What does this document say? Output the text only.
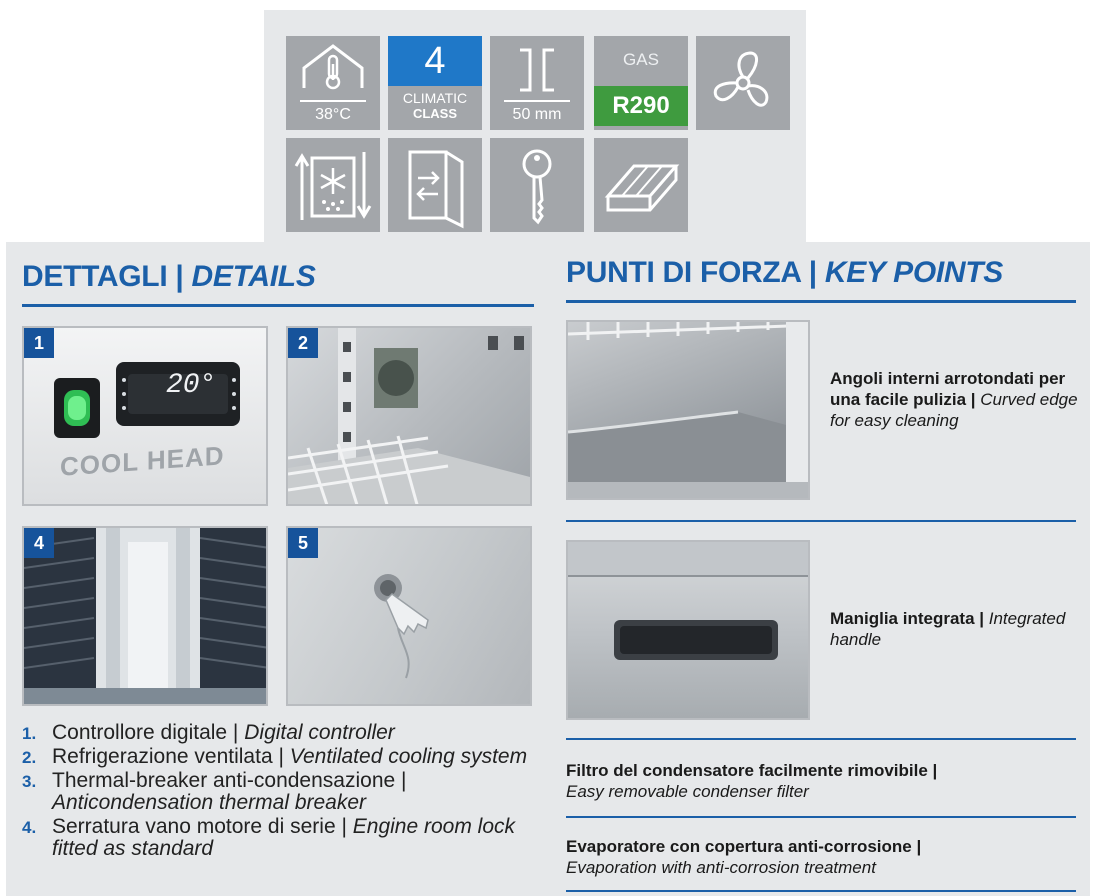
38°C
4
CLIMATIC
CLASS	50 mm
GAS
R290
DETTAGLI | DETAILS
1
20°
COOL HEAD
2
4	5
1. Controllore digitale | Digital controller
2. Refrigerazione ventilata | Ventilated cooling system
3. Thermal-breaker anti-condensazione | Anticondensation thermal breaker
4. Serratura vano motore di serie | Engine room lock fitted as standard
PUNTI DI FORZA | KEY POINTS
Angoli interni arrotondati per una facile pulizia | Curved edge for easy cleaning
Maniglia integrata | Integrated handle
Filtro del condensatore facilmente rimovibile |
Easy removable condenser filter
Evaporatore con copertura anti-corrosione |
Evaporation with anti-corrosion treatment
